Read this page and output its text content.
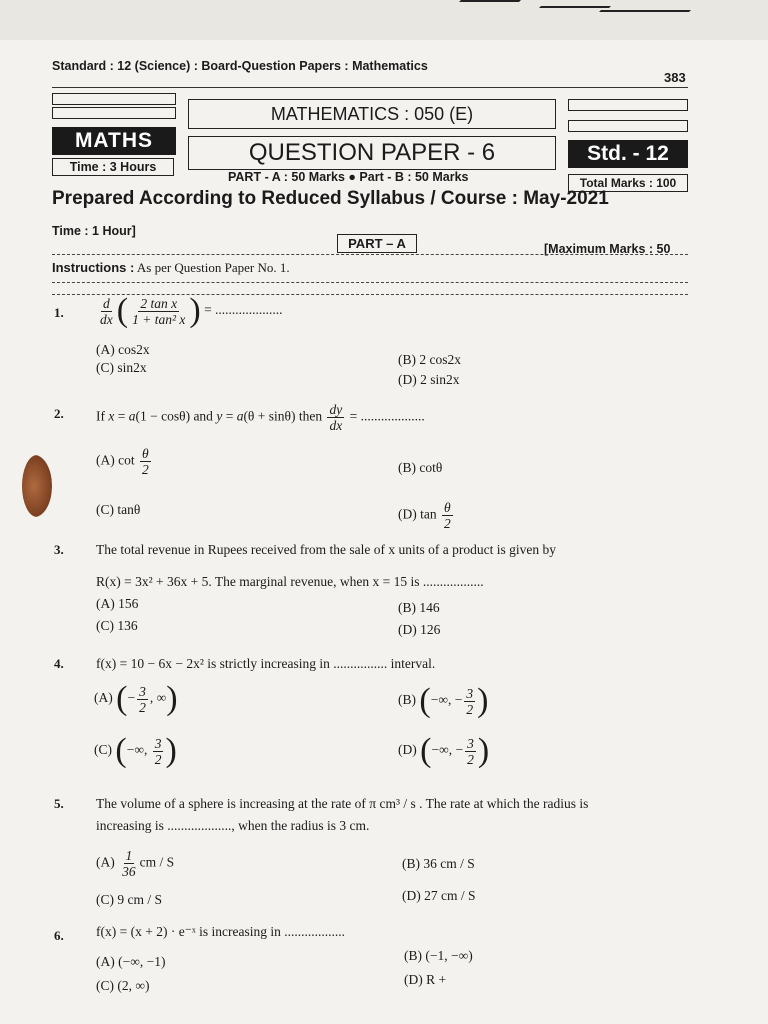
Standard : 12 (Science) : Board-Question Papers : Mathematics
383
MATHS
MATHEMATICS : 050 (E)
QUESTION PAPER - 6	Std. - 12
Time : 3 Hours
PART - A : 50 Marks ● Part - B : 50 Marks	Total Marks : 100
Prepared According to Reduced Syllabus / Course : May-2021
Time : 1 Hour]
PART – A	[Maximum Marks : 50
Instructions : As per Question Paper No. 1.
1.	$\frac{d}{dx}$ ( $\frac{\text{2 tan x}}{\text{1 + tan² x}}$ ) = ....................
(A) cos2x
(B) 2 cos2x
(C) sin2x
(D) 2 sin2x
2. If x = a(1 − cosθ) and y = a(θ + sinθ) then $\frac{dy}{dx}$ = ...................
(A) $\cot \frac{\theta}{2}$	(B) cotθ
(C) tanθ	(D) $\tan \frac{\theta}{2}$
3. The total revenue in Rupees received from the sale of x units of a product is given by
R(x) = 3x² + 36x + 5. The marginal revenue, when x = 15 is ..................
(A) 156	(B) 146
(C) 136	(D) 126
4. f(x) = 10 − 6x − 2x² is strictly increasing in ................ interval.
(A) (− $\frac{3}{2}$ , ∞)	(B) (−∞, − $\frac{3}{2}$ )
(C) (−∞, $\frac{3}{2}$ )	(D) (−∞, − $\frac{3}{2}$ )
5. The volume of a sphere is increasing at the rate of π cm³ / s . The rate at which the radius is
increasing is ..................., when the radius is 3 cm.
$(A) \frac{1}{36}$ cm / S	(B) 36 cm / S
(C) 9 cm / S	(D) 27 cm / S
6. f(x) = (x + 2) · e⁻ˣ is increasing in ..................
(A) (−∞, −1)	(B) (−1, −∞)
(C) (2, ∞)	(D) R +
